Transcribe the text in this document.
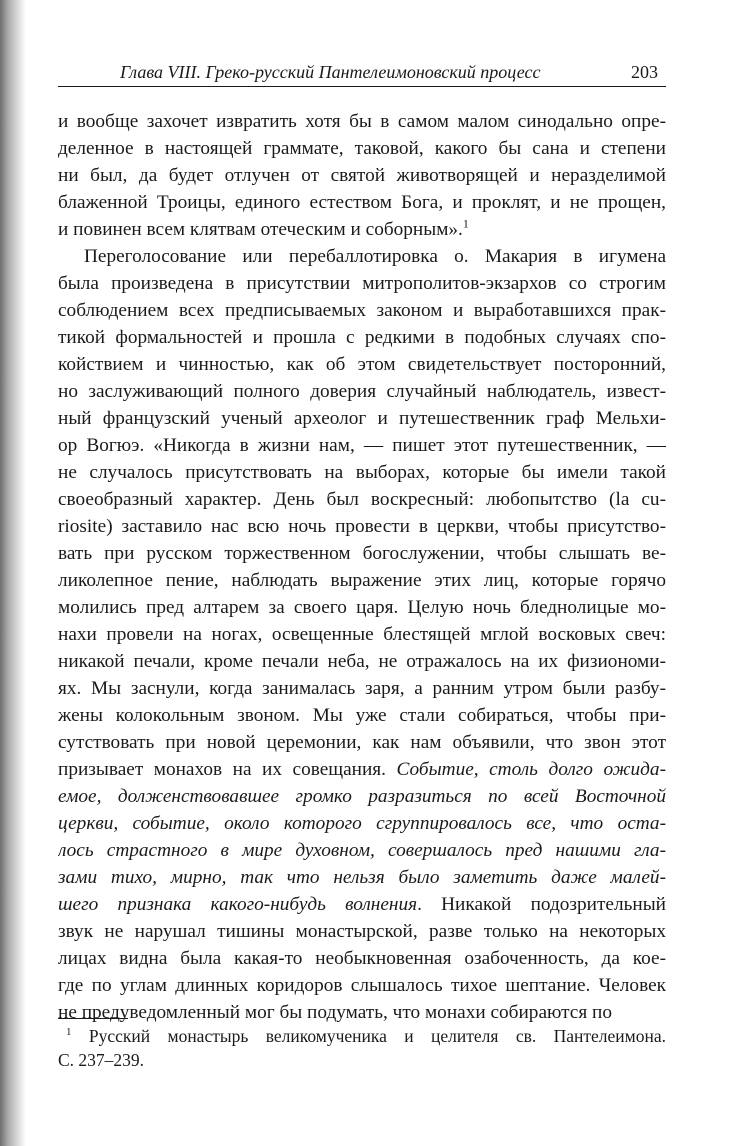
Глава VIII. Греко-русский Пантелеимоновский процесс	203
и вообще захочет извратить хотя бы в самом малом синодально опре-
деленное в настоящей граммате, таковой, какого бы сана и степени
ни был, да будет отлучен от святой животворящей и неразделимой
блаженной Троицы, единого естеством Бога, и проклят, и не прощен,
и повинен всем клятвам отеческим и соборным».$^1$
Переголосование или перебаллотировка о. Макария в игумена
была произведена в присутствии митрополитов-экзархов со строгим
соблюдением всех предписываемых законом и выработавшихся прак-
тикой формальностей и прошла с редкими в подобных случаях спо-
койствием и чинностью, как об этом свидетельствует посторонний,
но заслуживающий полного доверия случайный наблюдатель, извест-
ный французский ученый археолог и путешественник граф Мельхи-
ор Вогюэ. «Никогда в жизни нам, — пишет этот путешественник, —
не случалось присутствовать на выборах, которые бы имели такой
своеобразный характер. День был воскресный: любопытство (la cu-
riosite) заставило нас всю ночь провести в церкви, чтобы присутство-
вать при русском торжественном богослужении, чтобы слышать ве-
ликолепное пение, наблюдать выражение этих лиц, которые горячо
молились пред алтарем за своего царя. Целую ночь бледнолицые мо-
нахи провели на ногах, освещенные блестящей мглой восковых свеч:
никакой печали, кроме печали неба, не отражалось на их физиономи-
ях. Мы заснули, когда занималась заря, а ранним утром были разбу-
жены колокольным звоном. Мы уже стали собираться, чтобы при-
сутствовать при новой церемонии, как нам объявили, что звон этот
призывает монахов на их совещания. Событие, столь долго ожида-
емое, долженствовавшее громко разразиться по всей Восточной
церкви, событие, около которого сгруппировалось все, что оста-
лось страстного в мире духовном, совершалось пред нашими гла-
зами тихо, мирно, так что нельзя было заметить даже малей-
шего признака какого-нибудь волнения. Никакой подозрительный
звук не нарушал тишины монастырской, разве только на некоторых
лицах видна была какая-то необыкновенная озабоченность, да кое-
где по углам длинных коридоров слышалось тихое шептание. Человек
не предуведомленный мог бы подумать, что монахи собираются по
$^1$ Русский монастырь великомученика и целителя св. Пантелеимона.
С. 237–239.
